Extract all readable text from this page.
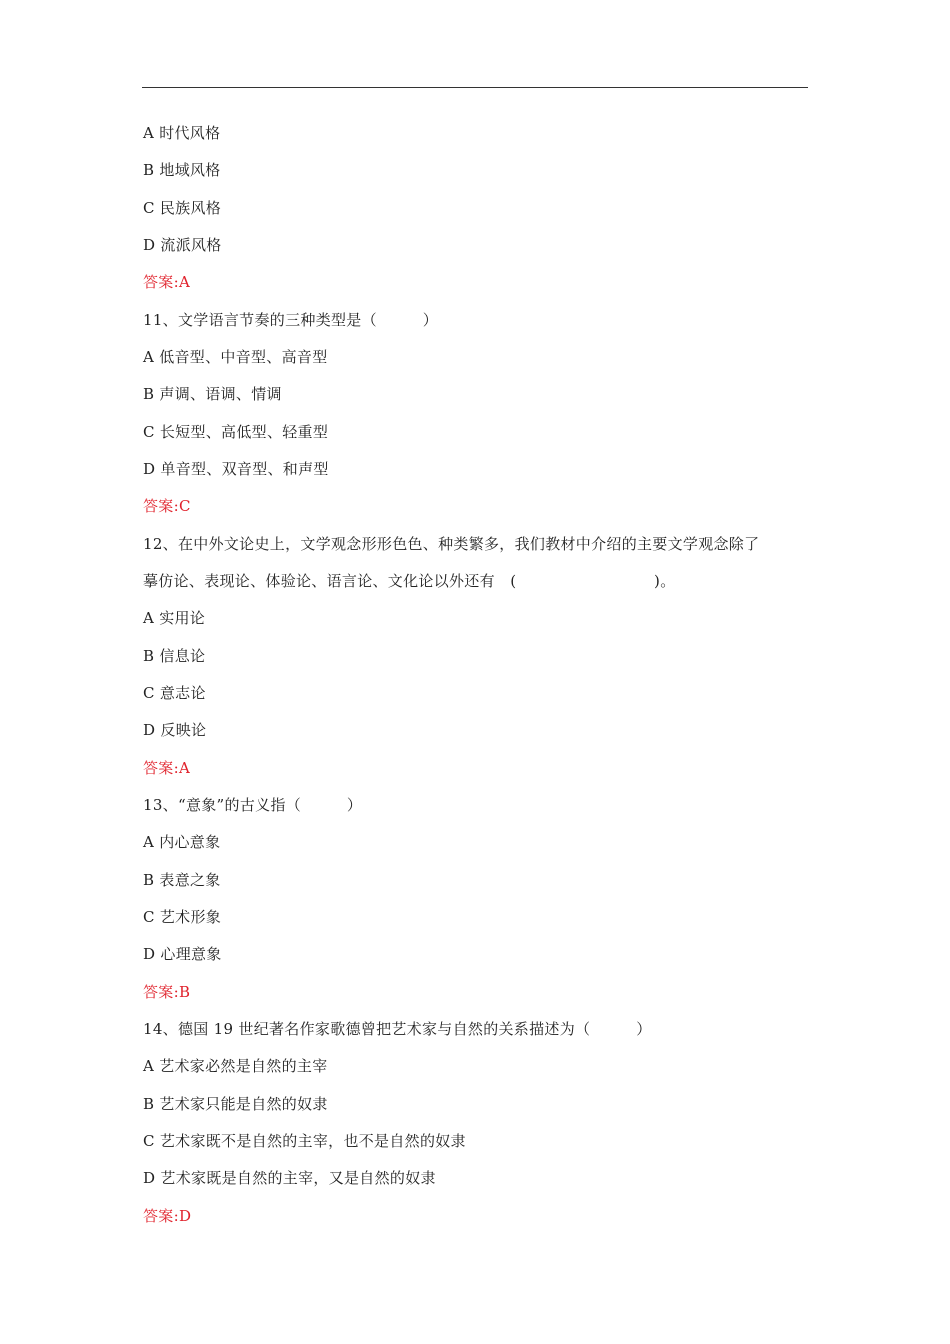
A 时代风格
B 地域风格
C 民族风格
D 流派风格
答案:A
11、文学语言节奏的三种类型是（　　　）
A 低音型、中音型、高音型
B 声调、语调、情调
C 长短型、高低型、轻重型
D 单音型、双音型、和声型
答案:C
12、在中外文论史上，文学观念形形色色、种类繁多，我们教材中介绍的主要文学观念除了
摹仿论、表现论、体验论、语言论、文化论以外还有　(　　　　　　　　　)。
A 实用论
B 信息论
C 意志论
D 反映论
答案:A
13、“意象”的古义指（　　　）
A 内心意象
B 表意之象
C 艺术形象
D 心理意象
答案:B
14、德国 19 世纪著名作家歌德曾把艺术家与自然的关系描述为（　　　）
A 艺术家必然是自然的主宰
B 艺术家只能是自然的奴隶
C 艺术家既不是自然的主宰，也不是自然的奴隶
D 艺术家既是自然的主宰，又是自然的奴隶
答案:D
